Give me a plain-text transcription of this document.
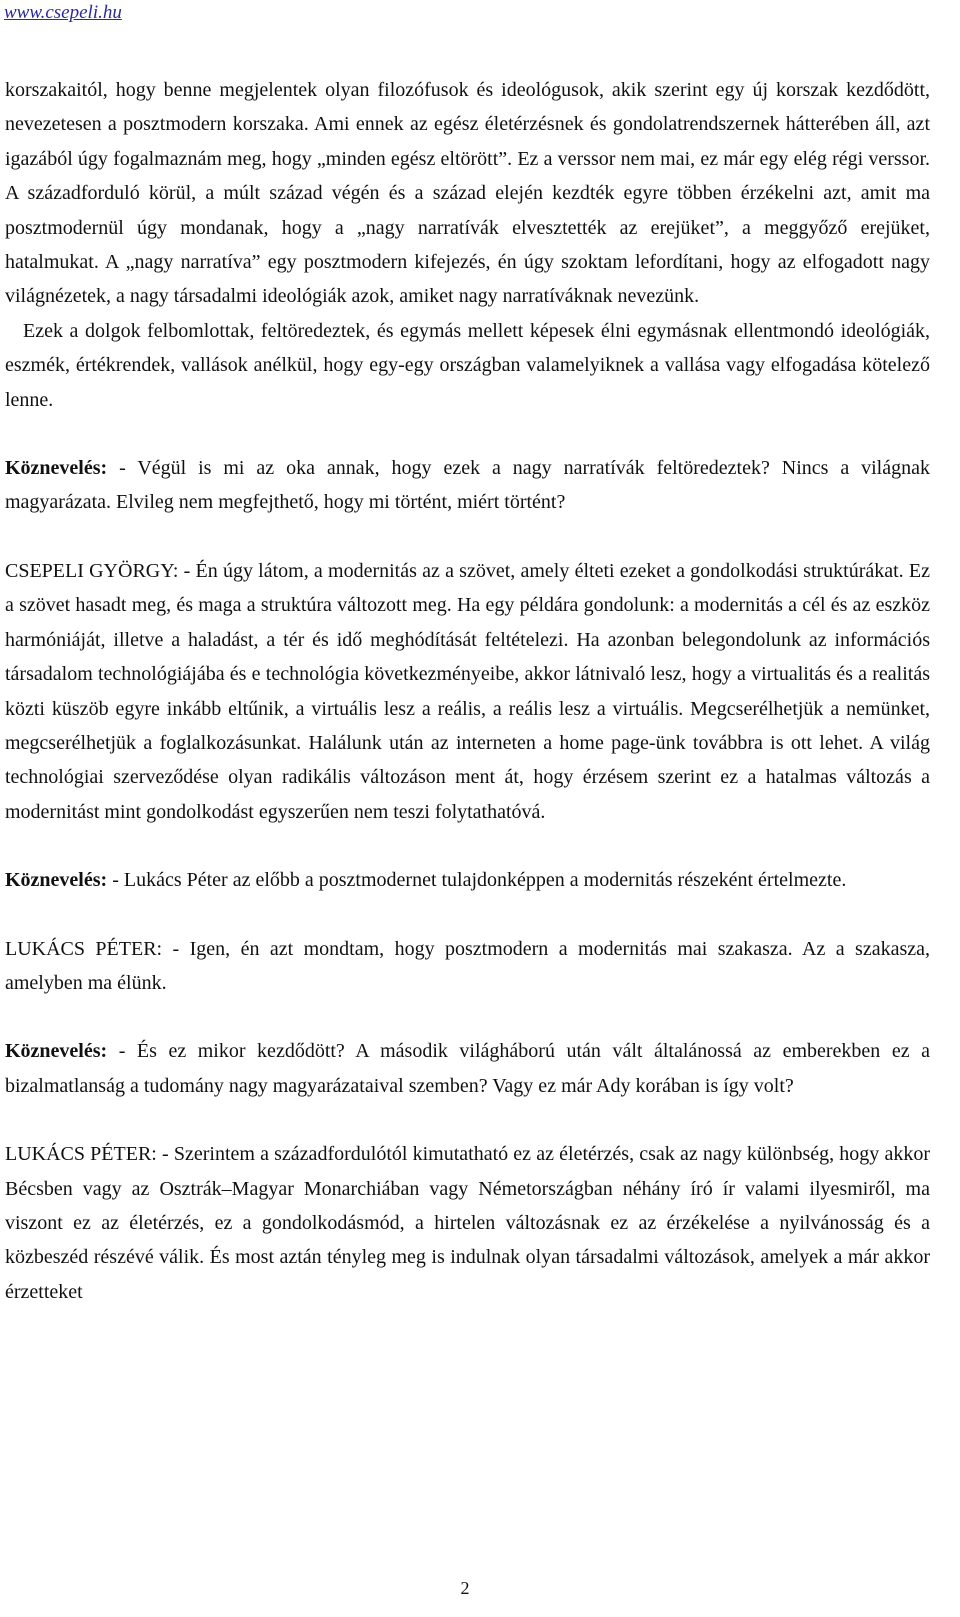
www.csepeli.hu

korszakaitól, hogy benne megjelentek olyan filozófusok és ideológusok, akik szerint egy új korszak kezdődött, nevezetesen a posztmodern korszaka. Ami ennek az egész életérzésnek és gondolatrendszernek hátterében áll, azt igazából úgy fogalmaznám meg, hogy „minden egész eltörött”. Ez a verssor nem mai, ez már egy elég régi verssor. A századforduló körül, a múlt század végén és a század elején kezdték egyre többen érzékelni azt, amit ma posztmodernül úgy mondanak, hogy a „nagy narratívák elvesztették az erejüket”, a meggyőző erejüket, hatalmukat. A „nagy narratíva” egy posztmodern kifejezés, én úgy szoktam lefordítani, hogy az elfogadott nagy világnézetek, a nagy társadalmi ideológiák azok, amiket nagy narratíváknak nevezünk.

Ezek a dolgok felbomlottak, feltöredeztek, és egymás mellett képesek élni egymásnak ellentmondó ideológiák, eszmék, értékrendek, vallások anélkül, hogy egy-egy országban valamelyiknek a vallása vagy elfogadása kötelező lenne.

Köznevelés: - Végül is mi az oka annak, hogy ezek a nagy narratívák feltöredeztek? Nincs a világnak magyarázata. Elvileg nem megfejthető, hogy mi történt, miért történt?

CSEPELI GYÖRGY: - Én úgy látom, a modernitás az a szövet, amely élteti ezeket a gondolkodási struktúrákat. Ez a szövet hasadt meg, és maga a struktúra változott meg. Ha egy példára gondolunk: a modernitás a cél és az eszköz harmóniáját, illetve a haladást, a tér és idő meghódítását feltételezi. Ha azonban belegondolunk az információs társadalom technológiájába és e technológia következményeibe, akkor látnivaló lesz, hogy a virtualitás és a realitás közti küszöb egyre inkább eltűnik, a virtuális lesz a reális, a reális lesz a virtuális. Megcserélhetjük a nemünket, megcserélhetjük a foglalkozásunkat. Halálunk után az interneten a home page-ünk továbbra is ott lehet. A világ technológiai szerveződése olyan radikális változáson ment át, hogy érzésem szerint ez a hatalmas változás a modernitást mint gondolkodást egyszerűen nem teszi folytathatóvá.

Köznevelés: - Lukács Péter az előbb a posztmodernet tulajdonképpen a modernitás részeként értelmezte.

LUKÁCS PÉTER: - Igen, én azt mondtam, hogy posztmodern a modernitás mai szakasza. Az a szakasza, amelyben ma élünk.

Köznevelés: - És ez mikor kezdődött? A második világháború után vált általánossá az emberekben ez a bizalmatlanság a tudomány nagy magyarázataival szemben? Vagy ez már Ady korában is így volt?

LUKÁCS PÉTER: - Szerintem a századfordulótól kimutatható ez az életérzés, csak az nagy különbség, hogy akkor Bécsben vagy az Osztrák–Magyar Monarchiában vagy Németországban néhány író ír valami ilyesmiről, ma viszont ez az életérzés, ez a gondolkodásmód, a hirtelen változásnak ez az érzékelése a nyilvánosság és a közbeszéd részévé válik. És most aztán tényleg meg is indulnak olyan társadalmi változások, amelyek a már akkor érzetteket

2
